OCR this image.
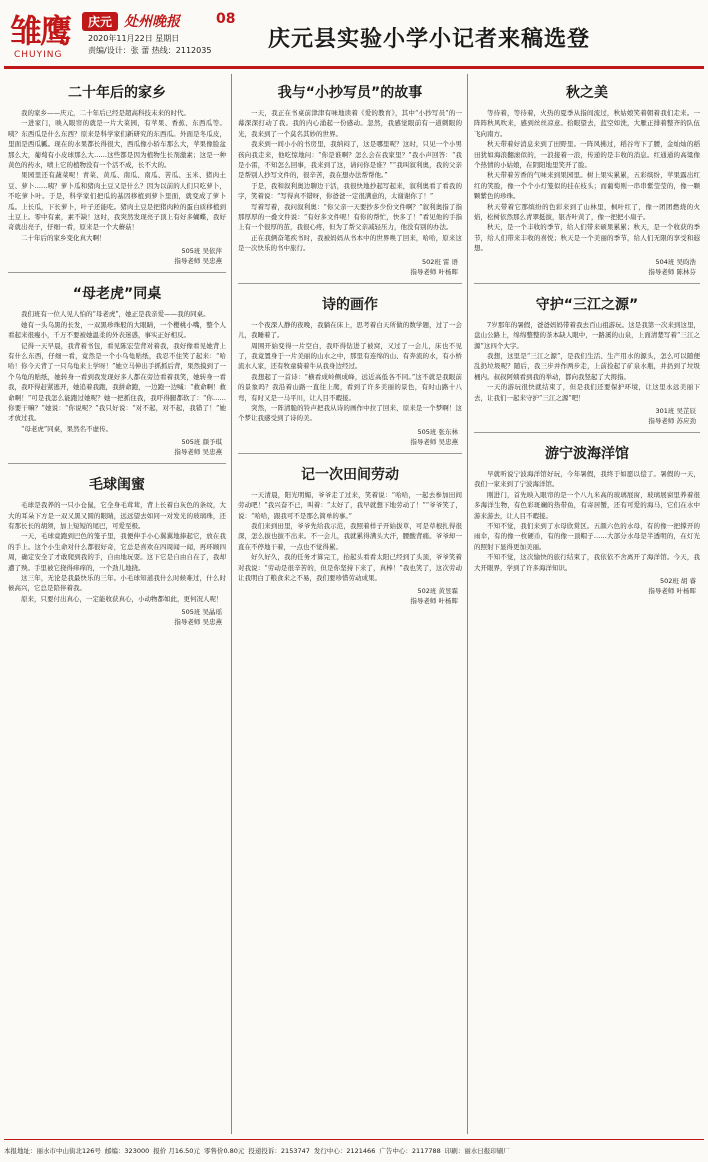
雏鹰
CHUYING
庆元 处州晚报	08
2020年11月22日 星期日
责编/设计：张 蕾 热线：2112035	庆元县实验小学小记者来稿选登
二十年后的家乡

我的家乡——庆元，二十年后已经是超高科技未来的时代。

一进家门，映入眼帘的就是一片大菜园，有苹果、香蕉、东西瓜等。咦？东西瓜是什么东西？原来是科学家们新研究的东西瓜。外面是冬瓜皮，里面是西瓜瓤。现在的水果都长得很大，西瓜像小轿车那么大，苹果像脸盆那么大，葡萄有小皮球那么大……这些都是因为植物生长剂激素；这是一种黄色的药水，喷上它的植物没有一个活不成，长不大的。

果园里还有蔬菜呢！青菜、黄瓜、南瓜、南瓜、苦瓜、玉米、猪肉土豆、萝卜……咦？萝卜瓜和猪肉土豆又是什么？因为以前的人们只吃萝卜，不吃萝卜叶。于是，科学家们把瓜的基因移植到萝卜里面，就变成了萝卜瓜。上长瓜，下长萝卜，叶子还能吃。猪肉土豆是把猪肉粒的蛋白质移植到土豆上。零中有素，素不缺！这时，我突然发现亮子顶上有好多蝴蝶，我好奇就出亮子，仔细一看，原来是一个大蘑菇！

二十年后的家乡变化真大啊！

505班 吴依萍
指导老师 吴忠燕
“母老虎”同桌

我们班有一位人见人怕的“母老虎”，她正是我亲爱——我的同桌。

她有一头乌黑的长发，一双黑珍珠般的大眼睛，一个樱桃小嘴，整个人看起来很瘦小，千万不要被她温柔的外表迷惑，事实正好相反。

记得一天早晨，我背着书包，看见陈宏莹背对着我，我好像看见她背上有什么东西，仔细一看，竟然是一个小乌龟贴纸，我忍不住笑了起来：“哈哈！你今天背了一只乌龟来上学呀！”她立马伸出手抓抓后背，果然摸到了一个乌龟的贴纸，她转身一看到我发现好多人都在旁边看着我笑，她转身一看我，我吓得赶紧逃开，她追着我跑，我拼命跑，一边跑一边喊：“救命啊！救命啊！”可是我怎么能跑过她呢？她一把抓住我，我吓得腿都软了：“你……你要干嘛？”她说：“你说呢？”我只好说：“对不起，对不起，我错了！”她才放过我。

“母老虎”同桌，果然名不虚传。

505班 颜予琪
指导老师 吴忠燕
毛球闺蜜

毛球是我养的一只小仓鼠，它全身毛茸茸，背上长着白灰色的条纹，大大的耳朵下方是一双又黑又圆的眼睛，远远望去如同一对发光的玻璃珠，还有那长长的胡须，加上短短的尾巴，可爱至极。

一天，毛球竟跑到巴色的笼子里，我便伸手小心翼翼地捧起它，放在我的手上。这个小生命对什么都很好奇，它总是喜欢在四周闻一闻，再环顾四周，确定安全了才敢爬到我的手，自由地玩耍。这下它是自由自在了，我却遭了殃。手里被它挠得痒痒的，一个劲儿地挠。

这三年，无论是我最快乐的三年。小毛球知道我什么时候难过，什么时候高兴，它总是陪伴着我。

原来，只要付出真心，一定能收获真心，小动物都如此，更何况人呢！

505班 吴晶瑶
指导老师 吴忠燕
我与“小抄写员”的故事

一天，我正在书桌前津津有味地读着《爱的教育》，其中“小抄写员”的一幕深深打动了我。我的内心涌起一份感动。忽然，我感觉眼前有一道刺眼的光，我来到了一个莫名其妙的世界。

我来到一间小小的书房里，我纳闷了，这是哪里呢？这时，只见一个小男孩向我走来，他吃惊地问：“你是谁啊？怎么会在我家里？”我小声回答：“我是小雷，不知怎么回事，我来到了这，请问你是谁？”“我叫叙利奥，我的父亲是帮别人抄写文件的，很辛苦，我在想办法帮帮他。”

于是，我和叙利奥边聊边干活，我很快地抄起写起来，叙利奥看了看我的字，笑着说：“写得真不错呀，你爸爸一定很满意的，太谢谢你了！”

写着写着，我问叙利奥：“你父亲一天要抄多少份文件啊？”叙利奥指了指那厚厚的一叠文件说：“有好多文件呢！有你的帮忙，快多了！”看见他的手指上有一个很厚的茧，我很心疼，但为了帮父亲减轻压力，他没有别的办法。

正在我俩奋笔疾书时，我被妈妈从书本中的世界唤了回来，哈哈，原来这是一次快乐的书中旅行。

502班 雷 语
指导老师 叶杨晖
诗的画作

一个夜深人静的夜晚，我躺在床上，思考着白天所做的数学题，过了一会儿，我睡着了。

周围开始变得一片空白，我吓得钻进了被窝，又过了一会儿，床也不见了，我竟置身于一片美丽的山水之中，那里有连绵的山、有奔流的水，有小桥流水人家，还有牧童骑着牛从我身边经过。

我想起了一首诗：“横看成岭侧成峰，远近高低各不同。”这不就是我眼前的景象吗？我沿着山路一直往上爬，看到了许多美丽的景色，有时山路十八弯，有时又是一马平川，让人目不暇接。

突然，一阵清脆的铃声把我从诗的画作中拉了回来，原来是一个梦啊！这个梦让我感受到了诗的美。

505班 张东林
指导老师 吴忠燕
记一次田间劳动

一天清晨，阳光明媚，爷爷走了过来，笑着说：“哈哈，一起去参加田间劳动吧！”我兴奋不已，叫着：“太好了，我早就想下地劳动了！”“爷爷笑了，说：“哈哈，跟我可不是那么简单的事。”

我们来到田里，爷爷先给我示范，我照着样子开始拔草，可是草根扎得很深，怎么拔也拔不出来。不一会儿，我就累得满头大汗，腰酸背痛。爷爷却一直在不停地干着，一点也不觉得累。

好久好久，我的任务才算完工，抬起头看看太阳已经到了头顶，爷爷笑着对我说：“劳动是很辛苦的，但是你坚持下来了，真棒！”我也笑了，这次劳动让我明白了粮食来之不易，我们要珍惜劳动成果。

502班 黄昱霖
指导老师 叶杨晖
秋之美

等待着，等待着，火热的夏季从指间流过，秋姑娘笑着朝着我们走来。一阵阵秋风吹来，感到丝丝凉意。拾眼望去，蓝空如洗，大雁正排着整齐的队伍飞向南方。

秋天带着好消息来到了田野里。一阵风拂过，稻谷弯下了腰，金灿灿的稻田犹如海浪翻滚似的，一浪接着一浪，传递的是丰收的消息。红通通的高粱像个热情的小姑娘，在阴阳地里笑开了脸。

秋天带着芳香的气味来到果园里。树上果实累累，五彩缤纷，苹果露出红红的笑脸，像一个个小灯笼似的挂在枝头；而葡萄则一串串紫莹莹的，像一颗颗紫色的珍珠。

秋天带着它那缤纷的色彩来到了山林里，枫叶红了，像一团团燃烧的火焰，松树依然那么青翠挺拔，银杏叶黄了，像一把把小扇子。

秋天，是一个丰收的季节，给人们带来硕果累累；秋天，是一个收获的季节，给人们带来丰收的喜悦；秋天是一个美丽的季节，给人们无限的享受和遐想。

504班 吴昀浩
指导老师 陈林芬
守护“三江之源”

7岁那年的暑假，爸爸妈妈带着我去百山祖游玩。这是我第一次来到这里，盘山公路上，绵绵整整的茶本缺人眼中，一路溪的山泉，上面清楚写着“三江之源”这四个大字。

我想，这里是“三江之源”，是我们生活、生产用水的源头，怎么可以随便乱扔垃圾呢？随后，我三步并作两步走，上前捡起了矿泉水瓶，并扔到了垃圾桶内。叔叔阿姨看到我的举动，都向我竖起了大拇指。

一天的游玩很快就结束了，但是我们还要保护环境，让这里永远美丽下去，让我们一起来守护“三江之源”吧！

301班 吴芷辰
指导老师 苏应劲
游宁波海洋馆

早就听说宁波海洋馆好玩，今年暑假，我终于如愿以偿了。暑假的一天，我们一家来到了宁波海洋馆。

刚进门，首先映入眼帘的是一个八九米高的玻璃展窗，玻璃展窗里养着很多海洋生物，有色彩斑斓的热带鱼，有寄居蟹，还有可爱的海马，它们在水中游来游去，让人目不暇接。

不知不觉，我们来到了水母欣赏区。五颜六色的水母，有的像一把撑开的雨伞，有的像一枚硬币，有的像一顶帽子……大部分水母是半透明的，在灯光的照射下显得更加美丽。

不知不觉，这次愉快的旅行结束了，我依依不舍离开了海洋馆。今天，我大开眼界，学到了许多海洋知识。

502班 胡 睿
指导老师 叶杨晖
本报地址：丽水市中山街北126号 邮编：323000 报价 月16.50元 零售价0.80元 投递投诉：2153747 发行中心：2121466 广告中心：2117788 印刷：丽水日报印刷厂
